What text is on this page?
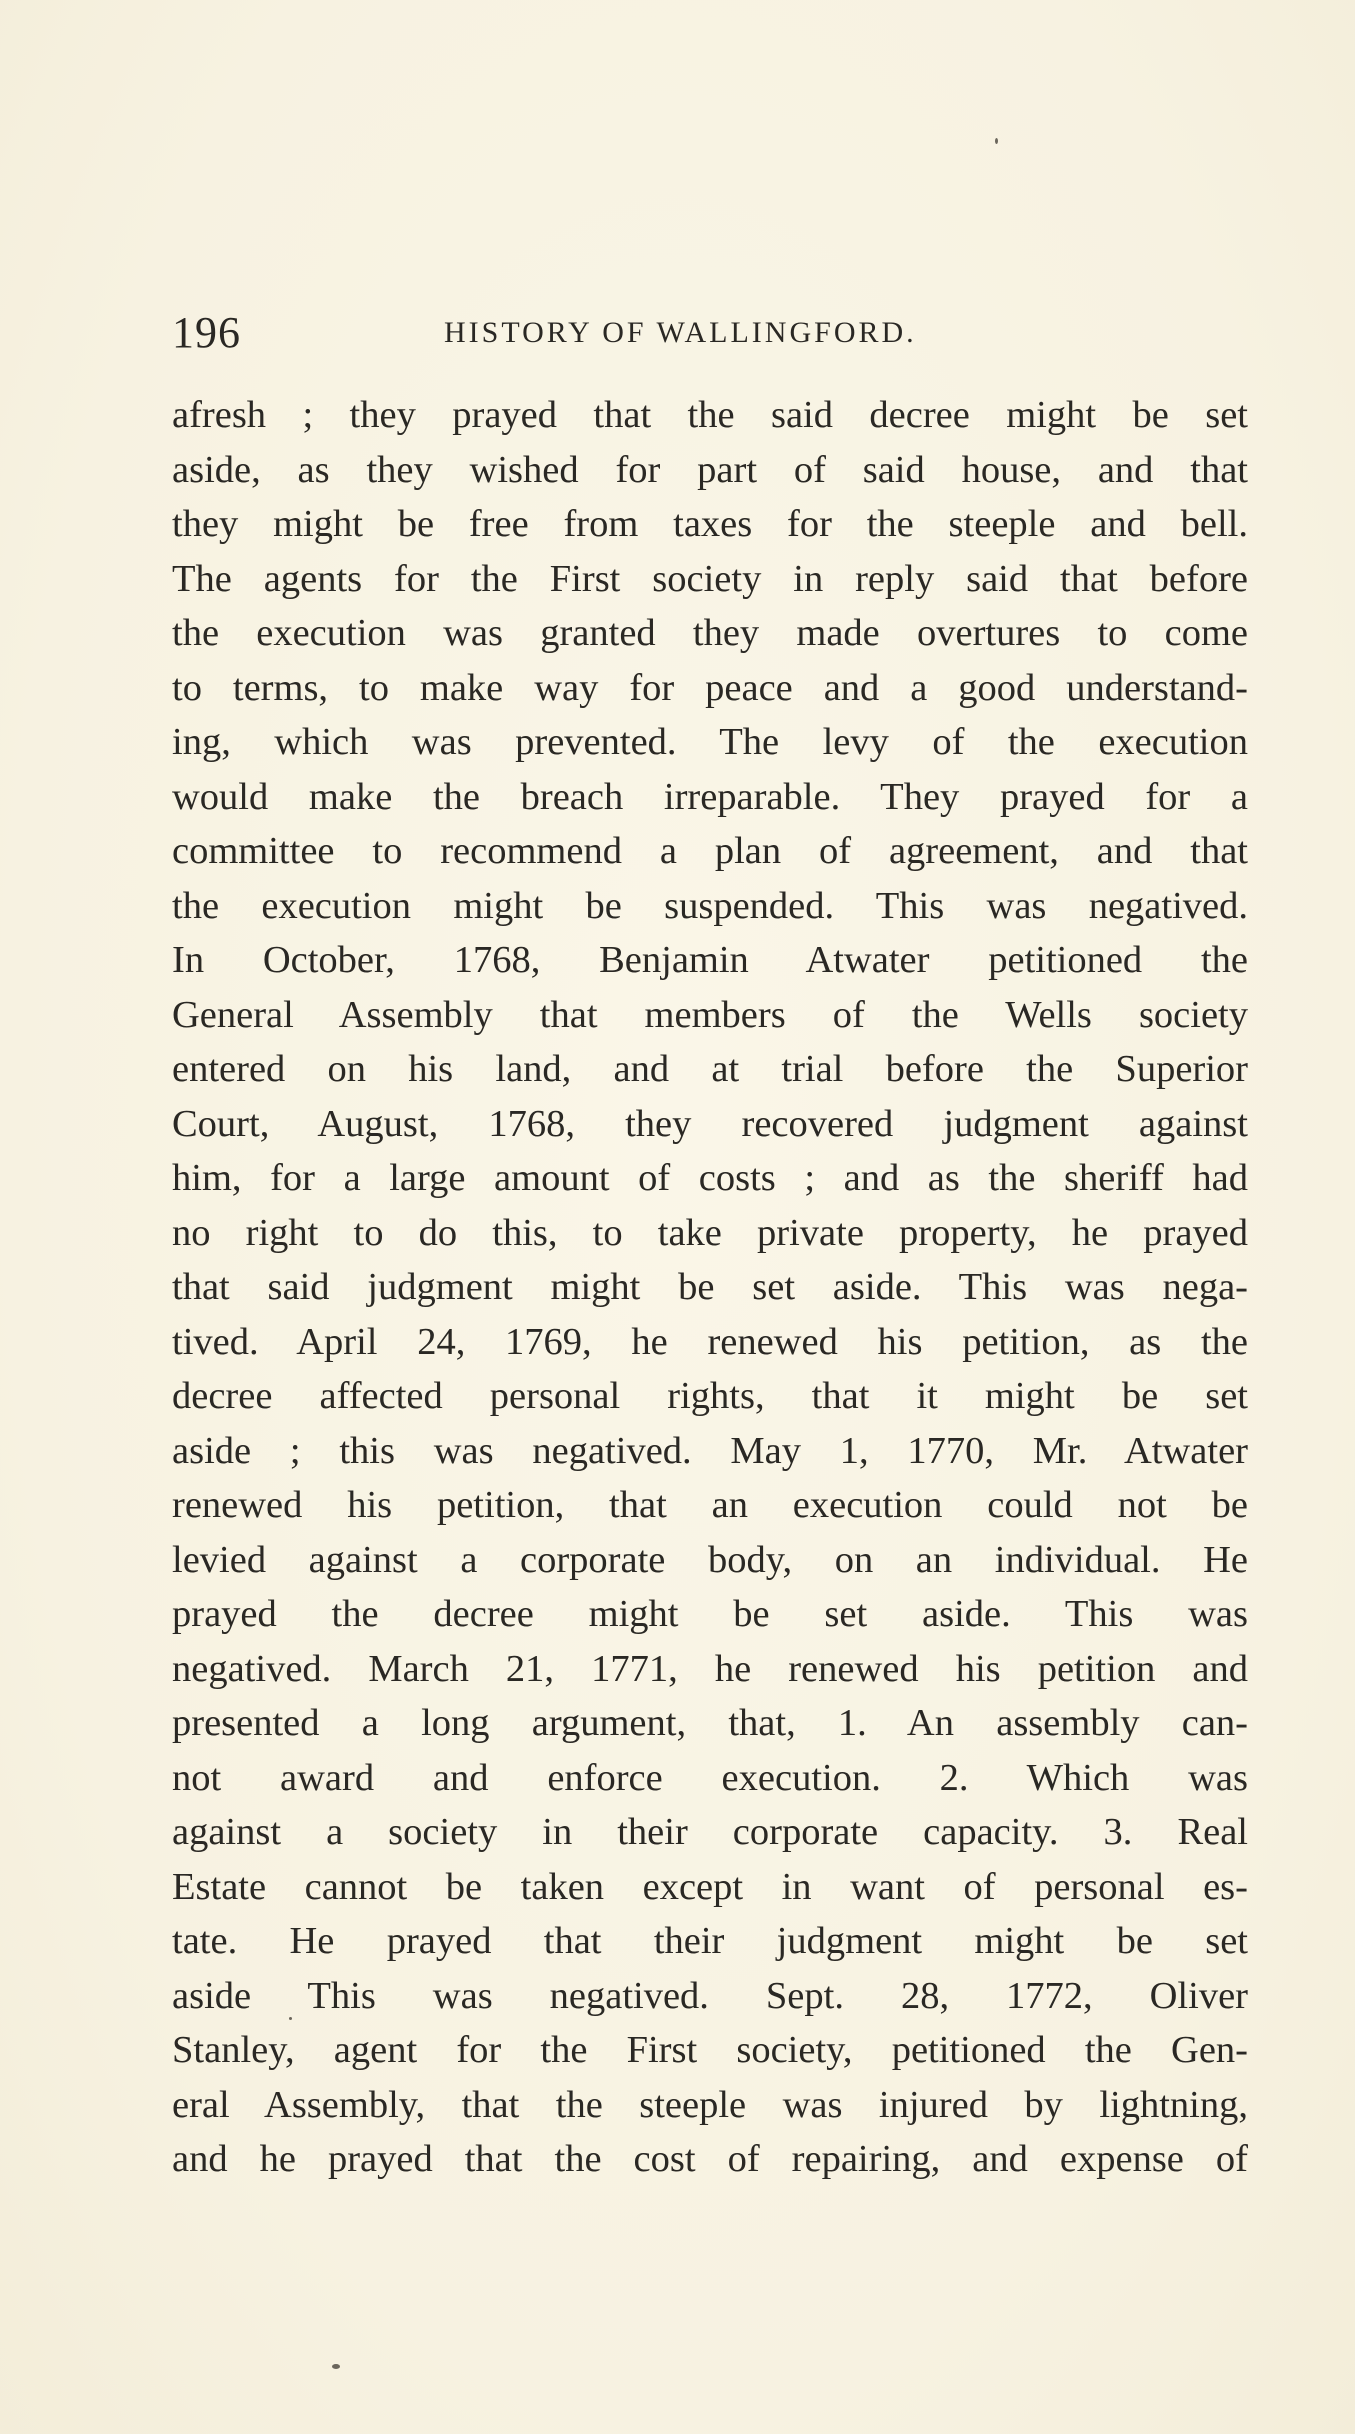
196	HISTORY OF WALLINGFORD.
afresh ; they prayed that the said decree might be set
aside, as they wished for part of said house, and that
they might be free from taxes for the steeple and bell.
The agents for the First society in reply said that before
the execution was granted they made overtures to come
to terms, to make way for peace and a good understand-
ing, which was prevented. The levy of the execution
would make the breach irreparable. They prayed for a
committee to recommend a plan of agreement, and that
the execution might be suspended. This was negatived.
In October, 1768, Benjamin Atwater petitioned the
General Assembly that members of the Wells society
entered on his land, and at trial before the Superior
Court, August, 1768, they recovered judgment against
him, for a large amount of costs ; and as the sheriff had
no right to do this, to take private property, he prayed
that said judgment might be set aside. This was nega-
tived. April 24, 1769, he renewed his petition, as the
decree affected personal rights, that it might be set
aside ; this was negatived. May 1, 1770, Mr. Atwater
renewed his petition, that an execution could not be
levied against a corporate body, on an individual. He
prayed the decree might be set aside. This was
negatived. March 21, 1771, he renewed his petition and
presented a long argument, that, 1. An assembly can-
not award and enforce execution. 2. Which was
against a society in their corporate capacity. 3. Real
Estate cannot be taken except in want of personal es-
tate. He prayed that their judgment might be set
aside This was negatived. Sept. 28, 1772, Oliver
Stanley, agent for the First society, petitioned the Gen-
eral Assembly, that the steeple was injured by lightning,
and he prayed that the cost of repairing, and expense of
